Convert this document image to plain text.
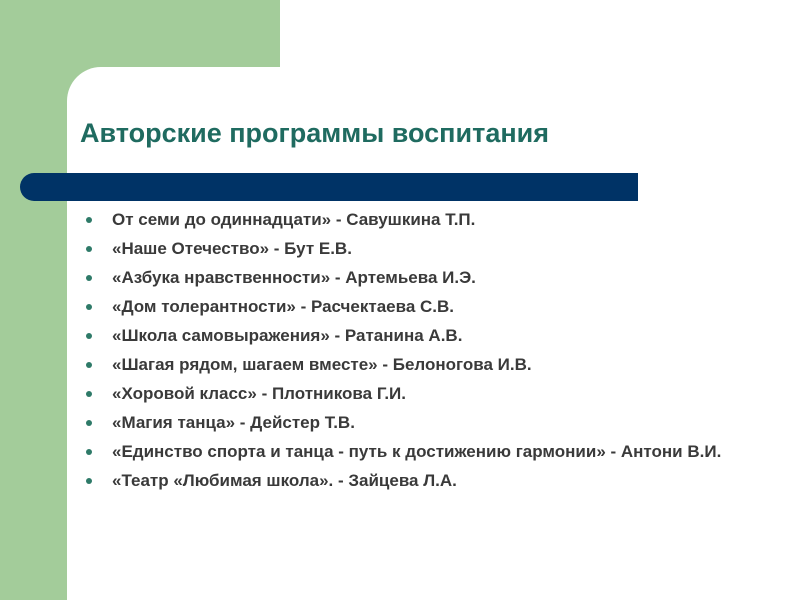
Авторские программы воспитания
От семи до одиннадцати» - Савушкина Т.П.
«Наше Отечество» - Бут Е.В.
«Азбука нравственности» - Артемьева И.Э.
«Дом толерантности» - Расчектаева С.В.
«Школа самовыражения» - Ратанина А.В.
«Шагая рядом, шагаем вместе» - Белоногова И.В.
«Хоровой класс» - Плотникова Г.И.
«Магия танца» - Дейстер Т.В.
«Единство спорта и танца - путь к достижению гармонии» - Антони В.И.
«Театр «Любимая школа». - Зайцева Л.А.
